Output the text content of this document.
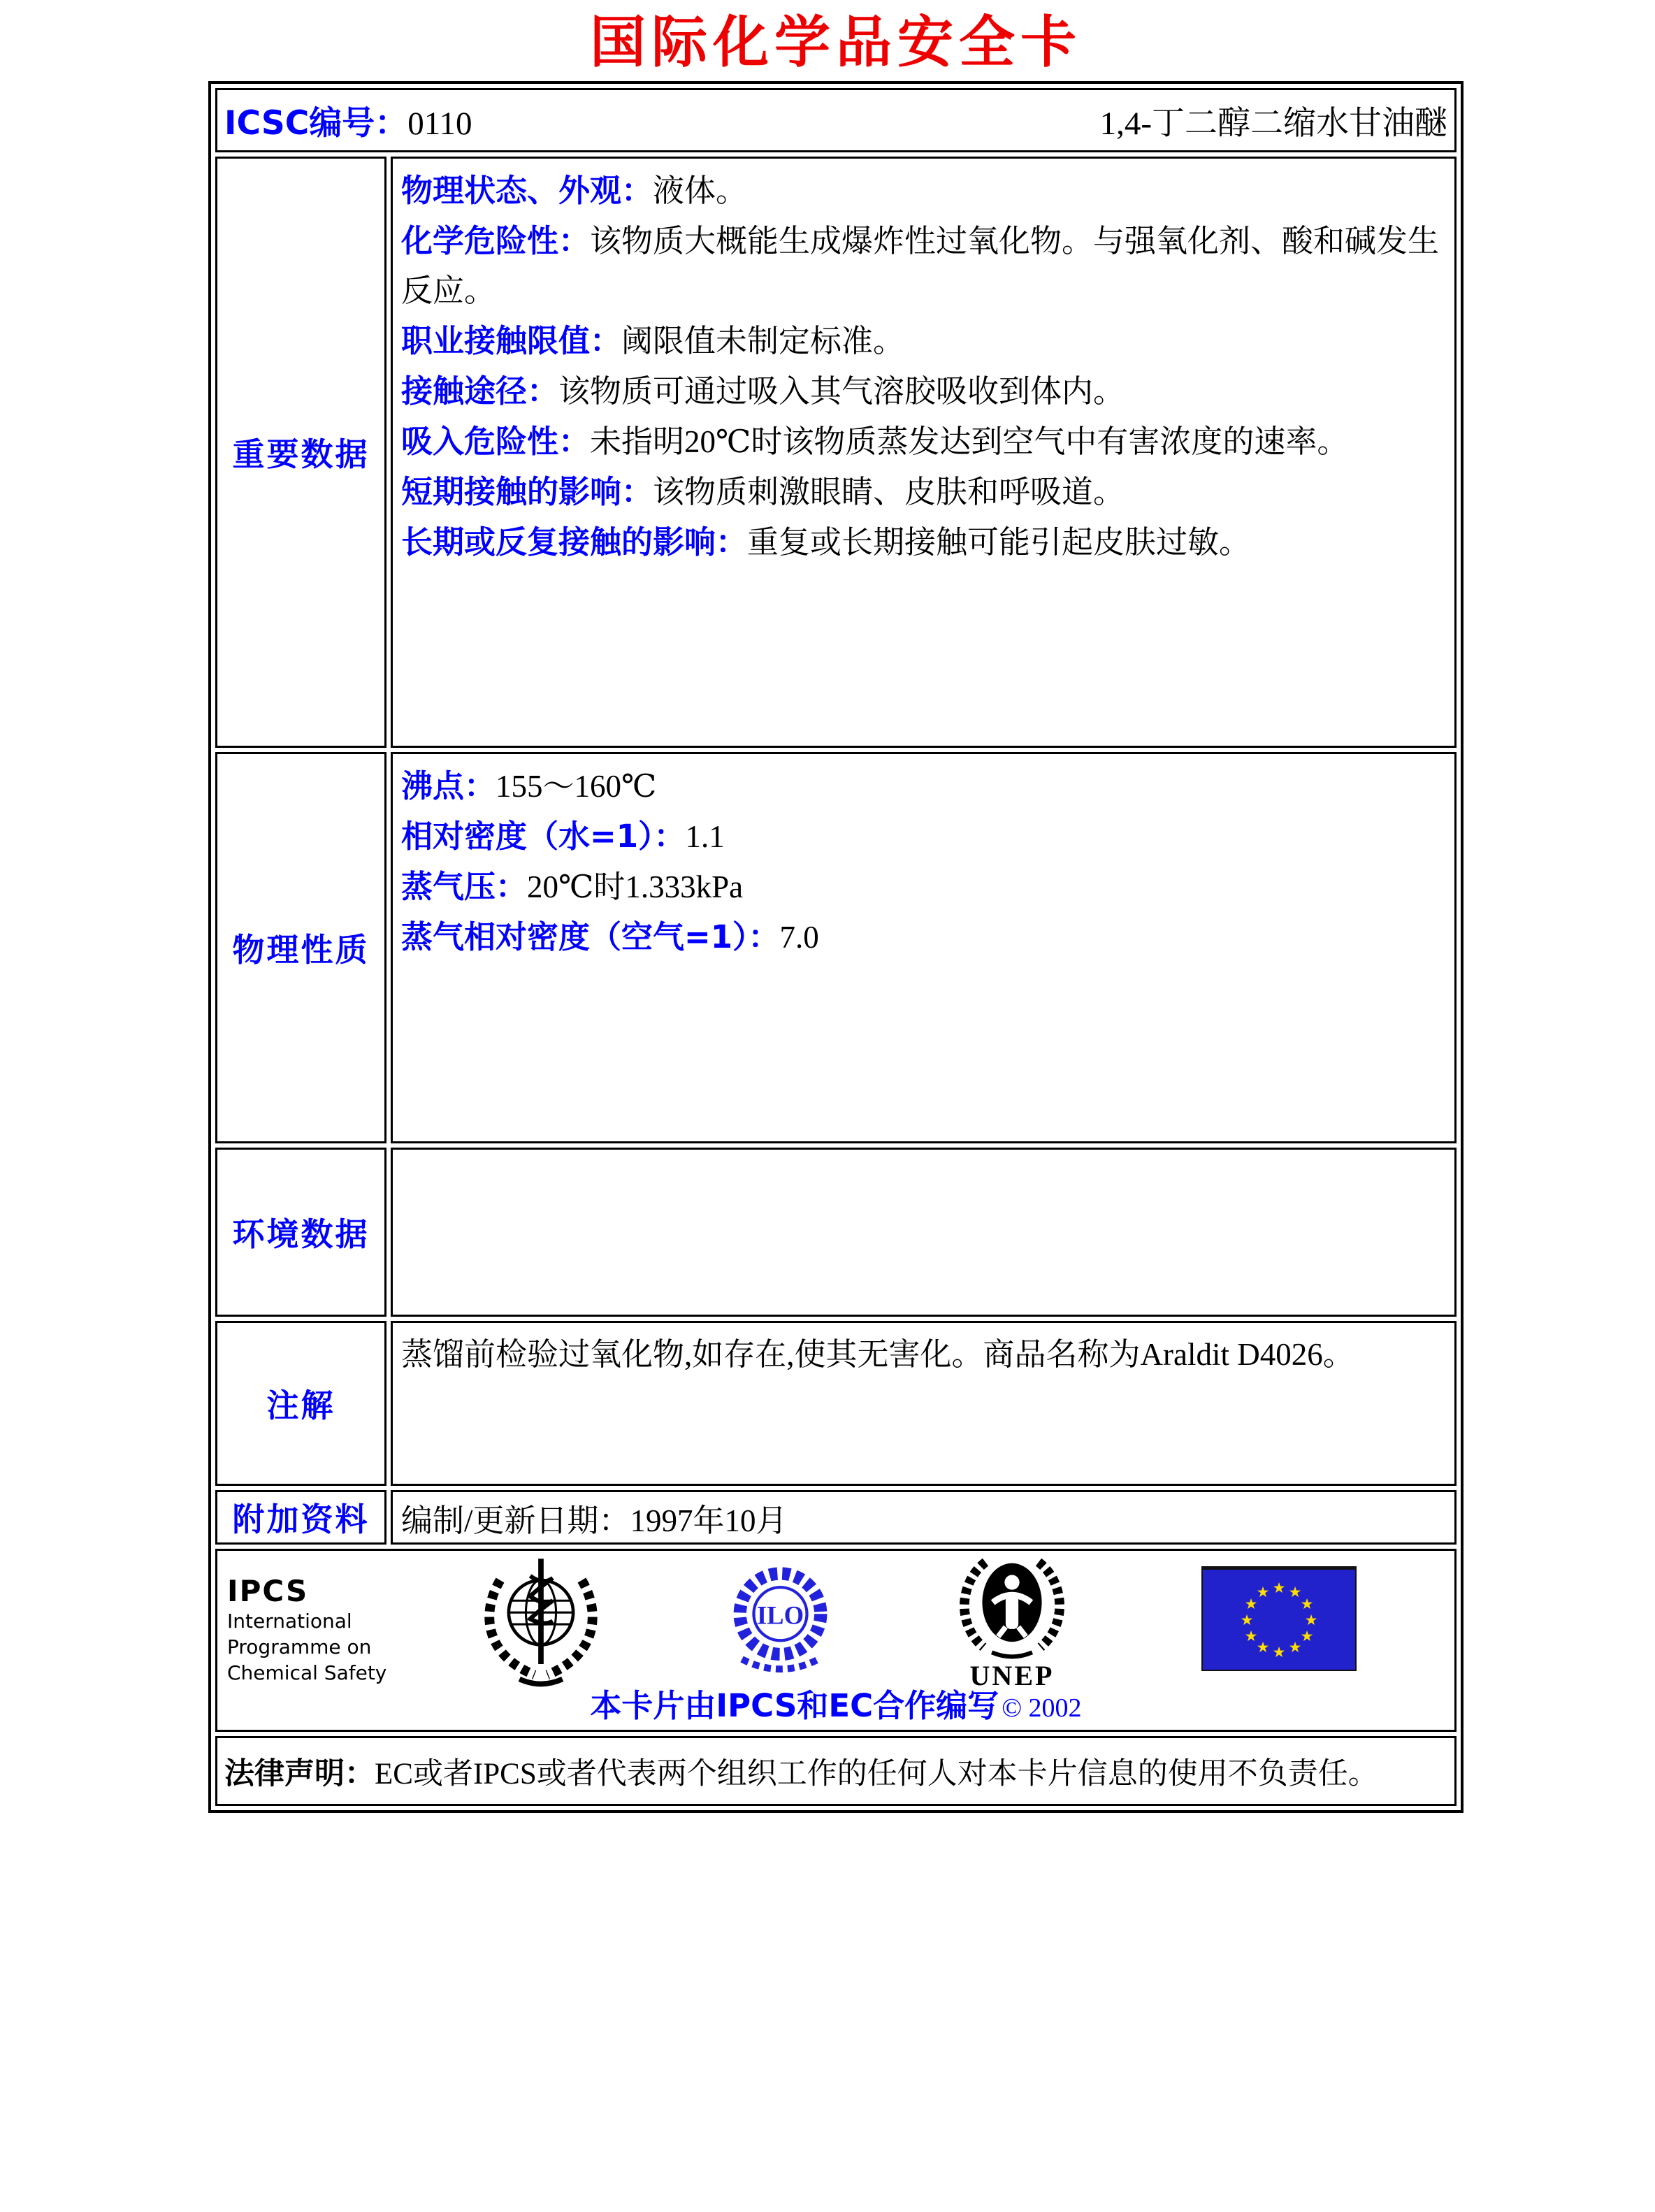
国际化学品安全卡
ICSC编号：0110	1,4-丁二醇二缩水甘油醚
重要数据
物理状态、外观：液体。
化学危险性：该物质大概能生成爆炸性过氧化物。与强氧化剂、酸和碱发生反应。
职业接触限值：阈限值未制定标准。
接触途径：该物质可通过吸入其气溶胶吸收到体内。
吸入危险性：未指明20℃时该物质蒸发达到空气中有害浓度的速率。
短期接触的影响：该物质刺激眼睛、皮肤和呼吸道。
长期或反复接触的影响：重复或长期接触可能引起皮肤过敏。
物理性质
沸点：155～160℃
相对密度（水=1）：1.1
蒸气压：20℃时1.333kPa
蒸气相对密度（空气=1）：7.0
环境数据
注解
蒸馏前检验过氧化物,如存在,使其无害化。商品名称为Araldit D4026。
附加资料	编制/更新日期：1997年10月
IPCS
International
Programme on
Chemical Safety
ILO
UNEP
★ ★
★
★
★
★
★
★
★
★
★
★
本卡片由IPCS和EC合作编写 © 2002
法律声明： EC或者IPCS或者代表两个组织工作的任何人对本卡片信息的使用不负责任。
